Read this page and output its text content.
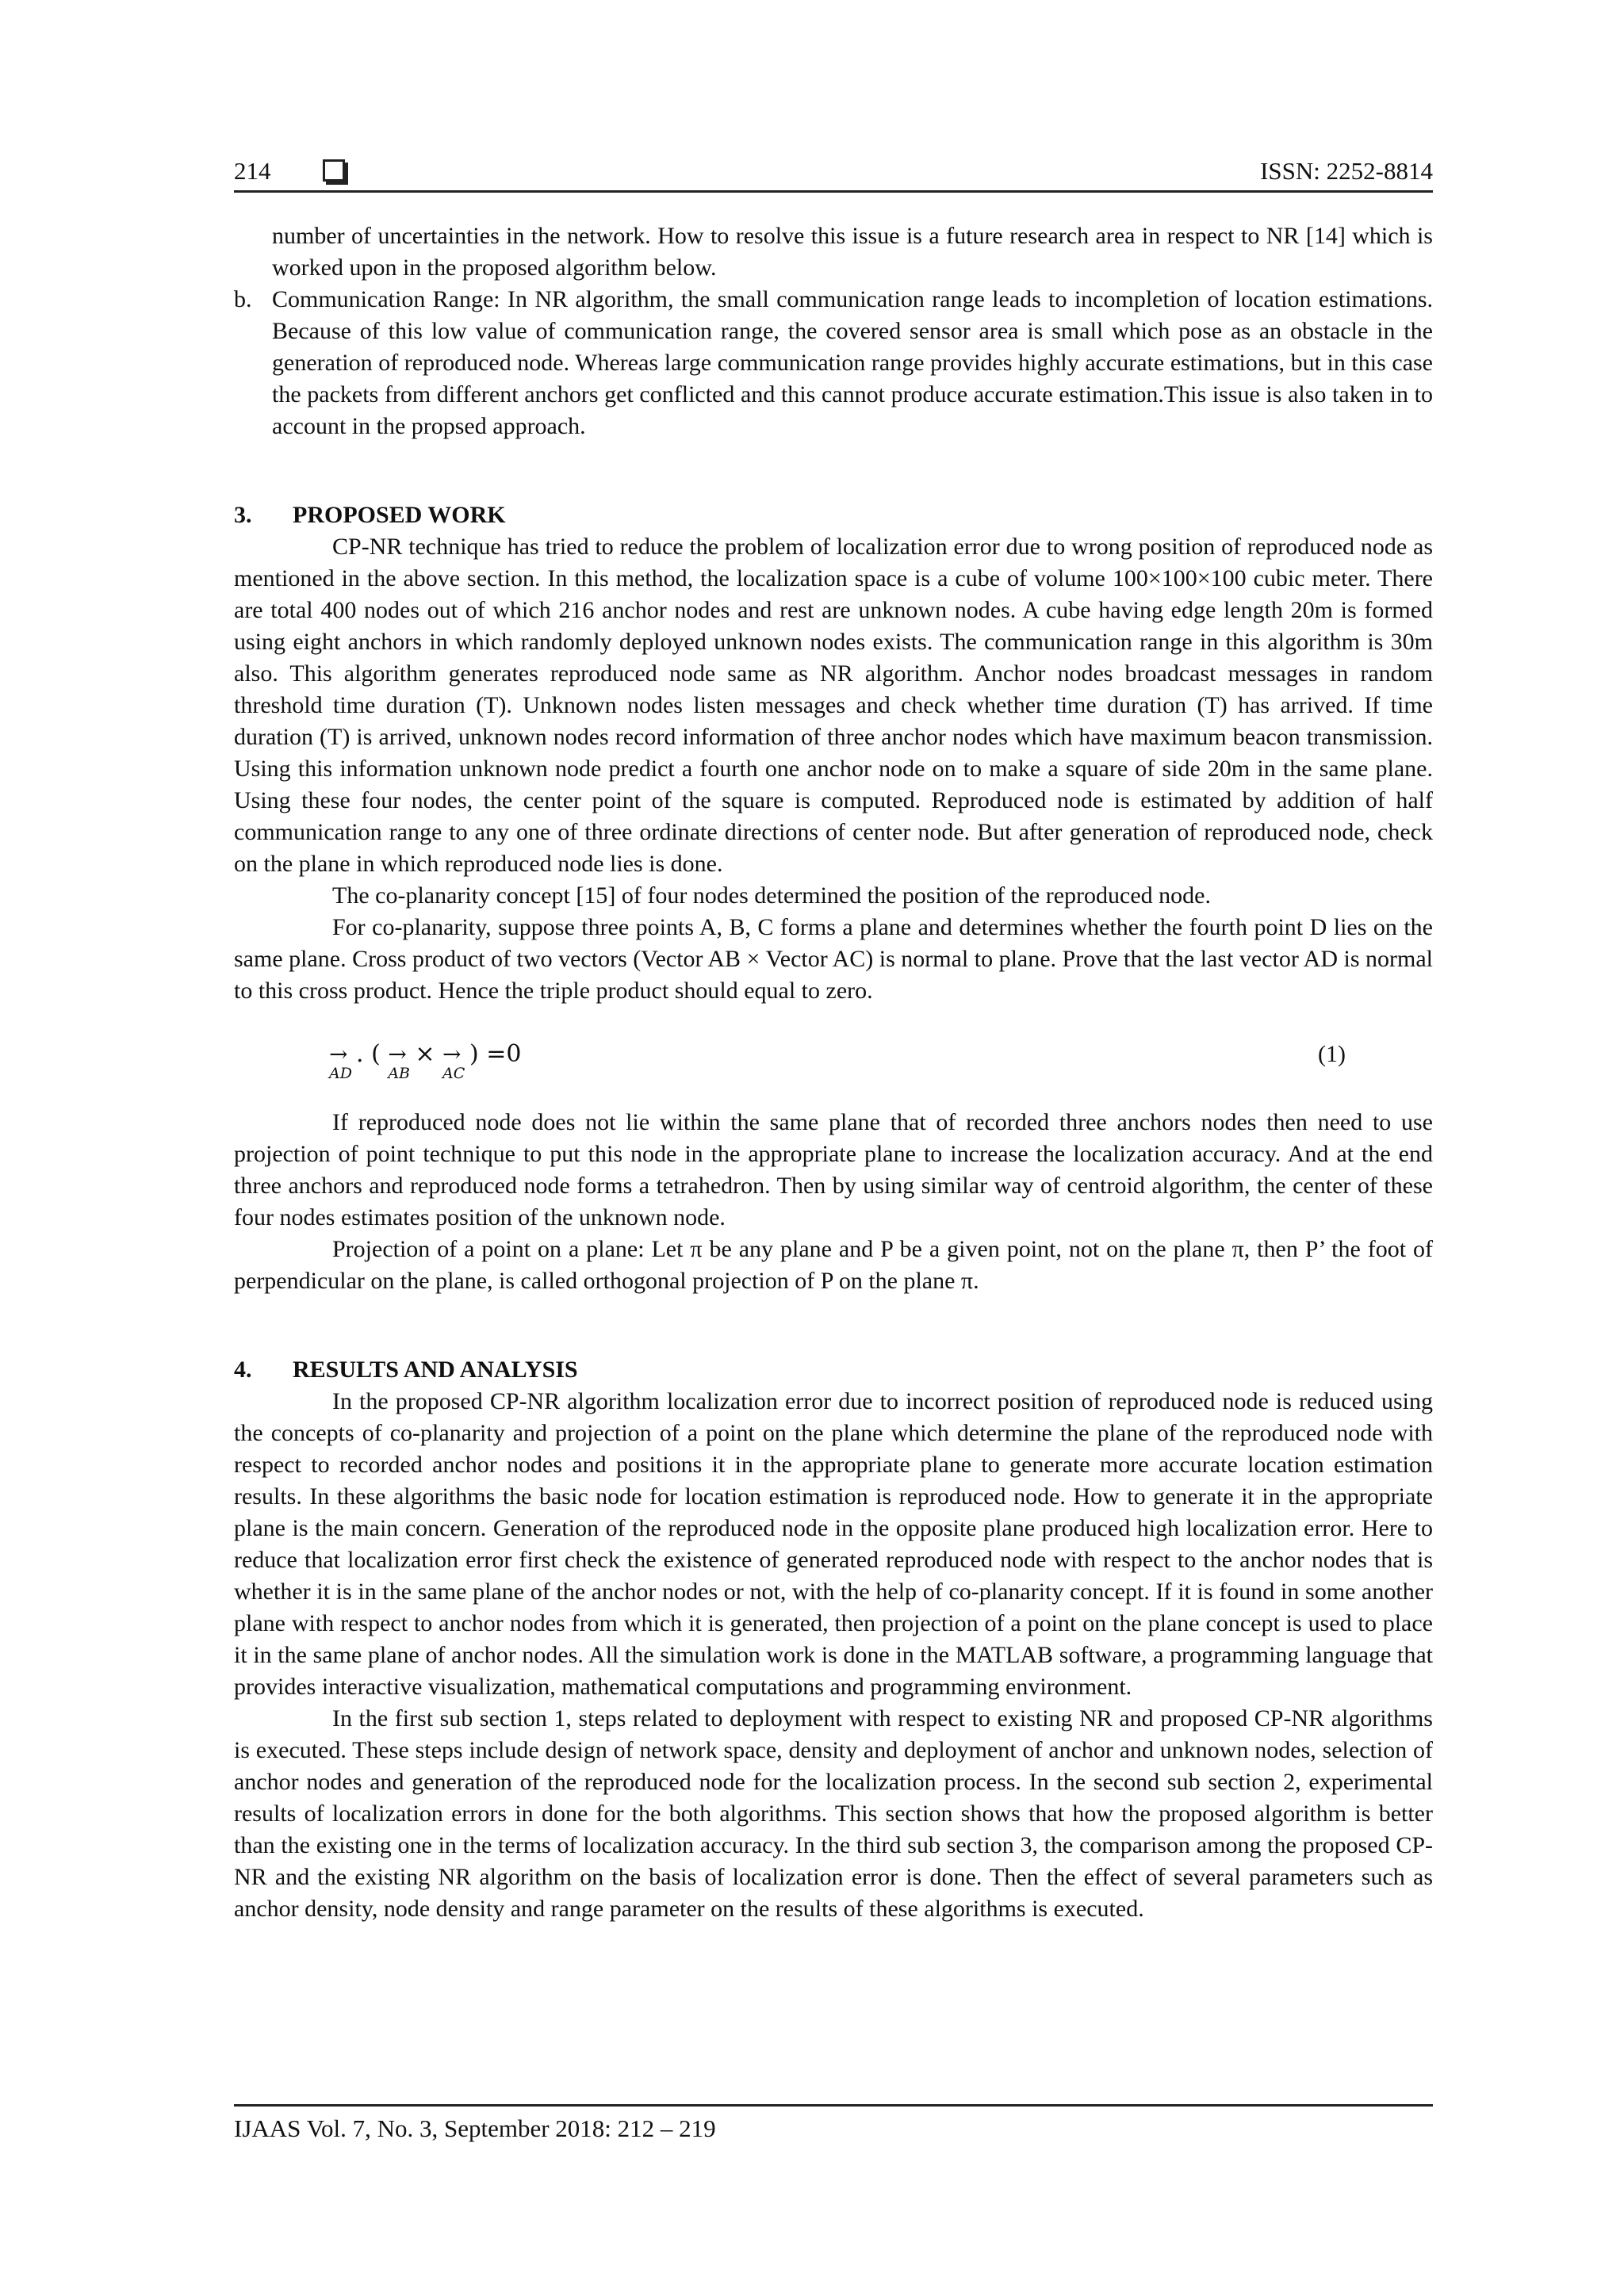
214	ISSN: 2252-8814

number of uncertainties in the network. How to resolve this issue is a future research area in respect to NR [14] which is worked upon in the proposed algorithm below.

b. Communication Range: In NR algorithm, the small communication range leads to incompletion of location estimations. Because of this low value of communication range, the covered sensor area is small which pose as an obstacle in the generation of reproduced node. Whereas large communication range provides highly accurate estimations, but in this case the packets from different anchors get conflicted and this cannot produce accurate estimation.This issue is also taken in to account in the propsed approach.

3. PROPOSED WORK

CP-NR technique has tried to reduce the problem of localization error due to wrong position of reproduced node as mentioned in the above section. In this method, the localization space is a cube of volume 100×100×100 cubic meter. There are total 400 nodes out of which 216 anchor nodes and rest are unknown nodes. A cube having edge length 20m is formed using eight anchors in which randomly deployed unknown nodes exists. The communication range in this algorithm is 30m also. This algorithm generates reproduced node same as NR algorithm. Anchor nodes broadcast messages in random threshold time duration (T). Unknown nodes listen messages and check whether time duration (T) has arrived. If time duration (T) is arrived, unknown nodes record information of three anchor nodes which have maximum beacon transmission. Using this information unknown node predict a fourth one anchor node on to make a square of side 20m in the same plane. Using these four nodes, the center point of the square is computed. Reproduced node is estimated by addition of half communication range to any one of three ordinate directions of center node. But after generation of reproduced node, check on the plane in which reproduced node lies is done.

The co-planarity concept [15] of four nodes determined the position of the reproduced node.

For co-planarity, suppose three points A, B, C forms a plane and determines whether the fourth point D lies on the same plane. Cross product of two vectors (Vector AB × Vector AC) is normal to plane. Prove that the last vector AD is normal to this cross product. Hence the triple product should equal to zero.

→
AD
. ( →
AB
× →
AC
) =0	(1)

If reproduced node does not lie within the same plane that of recorded three anchors nodes then need to use projection of point technique to put this node in the appropriate plane to increase the localization accuracy. And at the end three anchors and reproduced node forms a tetrahedron. Then by using similar way of centroid algorithm, the center of these four nodes estimates position of the unknown node.

Projection of a point on a plane: Let π be any plane and P be a given point, not on the plane π, then P’ the foot of perpendicular on the plane, is called orthogonal projection of P on the plane π.

4. RESULTS AND ANALYSIS

In the proposed CP-NR algorithm localization error due to incorrect position of reproduced node is reduced using the concepts of co-planarity and projection of a point on the plane which determine the plane of the reproduced node with respect to recorded anchor nodes and positions it in the appropriate plane to generate more accurate location estimation results. In these algorithms the basic node for location estimation is reproduced node. How to generate it in the appropriate plane is the main concern. Generation of the reproduced node in the opposite plane produced high localization error. Here to reduce that localization error first check the existence of generated reproduced node with respect to the anchor nodes that is whether it is in the same plane of the anchor nodes or not, with the help of co-planarity concept. If it is found in some another plane with respect to anchor nodes from which it is generated, then projection of a point on the plane concept is used to place it in the same plane of anchor nodes. All the simulation work is done in the MATLAB software, a programming language that provides interactive visualization, mathematical computations and programming environment.

In the first sub section 1, steps related to deployment with respect to existing NR and proposed CP-NR algorithms is executed. These steps include design of network space, density and deployment of anchor and unknown nodes, selection of anchor nodes and generation of the reproduced node for the localization process. In the second sub section 2, experimental results of localization errors in done for the both algorithms. This section shows that how the proposed algorithm is better than the existing one in the terms of localization accuracy. In the third sub section 3, the comparison among the proposed CP-NR and the existing NR algorithm on the basis of localization error is done. Then the effect of several parameters such as anchor density, node density and range parameter on the results of these algorithms is executed.

IJAAS Vol. 7, No. 3, September 2018: 212 – 219
